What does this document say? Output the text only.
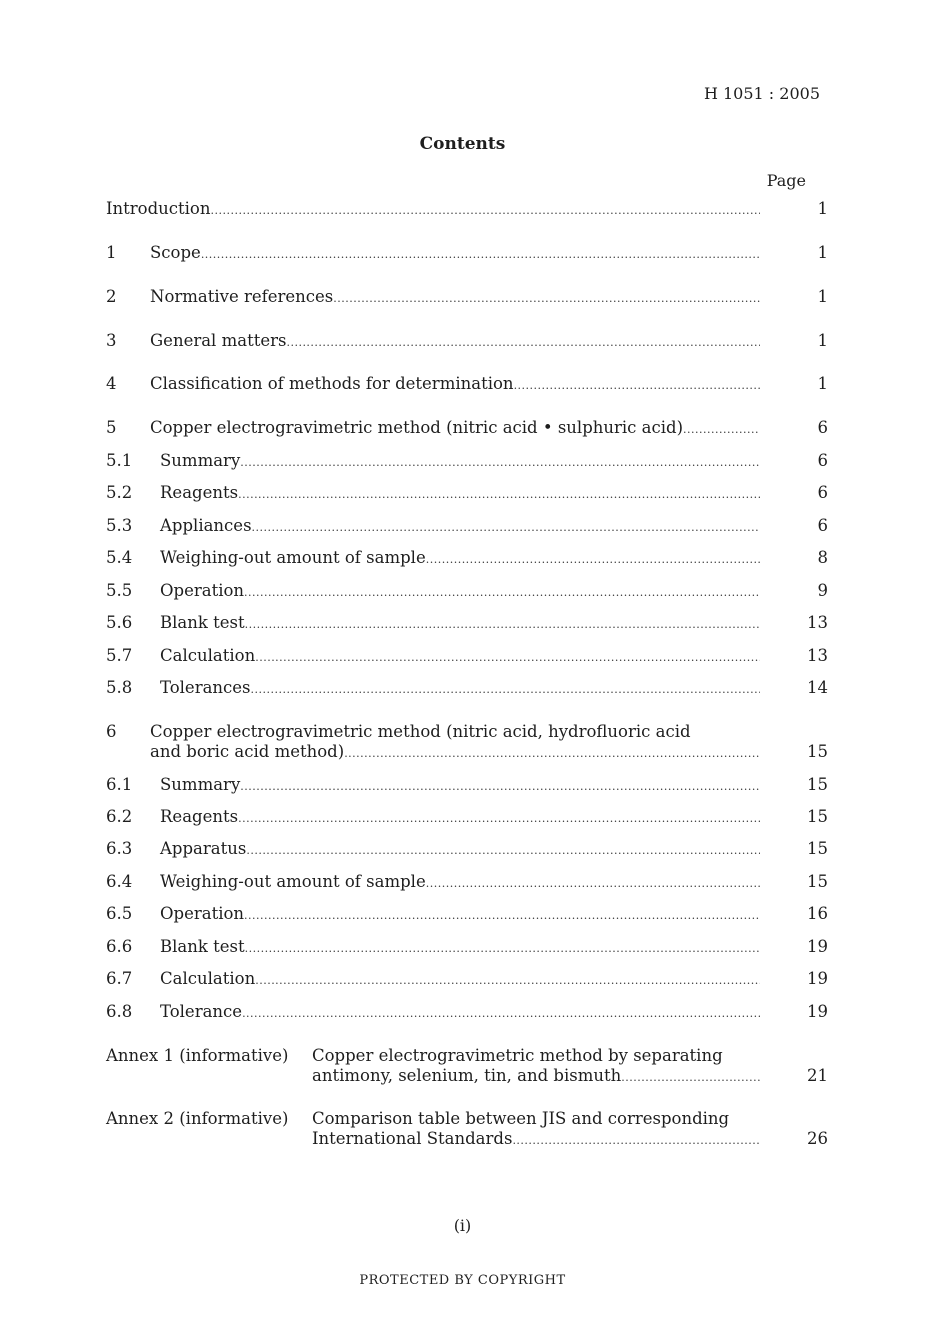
H 1051 : 2005
Contents
Page
Introduction .....	1
1 Scope .....	1
2 Normative references .....	1
3 General matters .....	1
4 Classification of methods for determination .....	1
5 Copper electrogravimetric method (nitric acid • sulphuric acid) .....	6
5.1 Summary .....	6
5.2 Reagents .....	6
5.3 Appliances .....	6
5.4 Weighing-out amount of sample .....	8
5.5 Operation .....	9
5.6 Blank test .....	13
5.7 Calculation .....	13
5.8 Tolerances .....	14
6 Copper electrogravimetric method (nitric acid, hydrofluoric acid
and boric acid method) .....	15
6.1 Summary .....	15
6.2 Reagents .....	15
6.3 Apparatus .....	15
6.4 Weighing-out amount of sample .....	15
6.5 Operation .....	16
6.6 Blank test .....	19
6.7 Calculation .....	19
6.8 Tolerance .....	19
Annex 1 (informative) Copper electrogravimetric method by separating
antimony, selenium, tin, and bismuth .....	21
Annex 2 (informative) Comparison table between JIS and corresponding
International Standards .....	26
(i)
PROTECTED BY COPYRIGHT
